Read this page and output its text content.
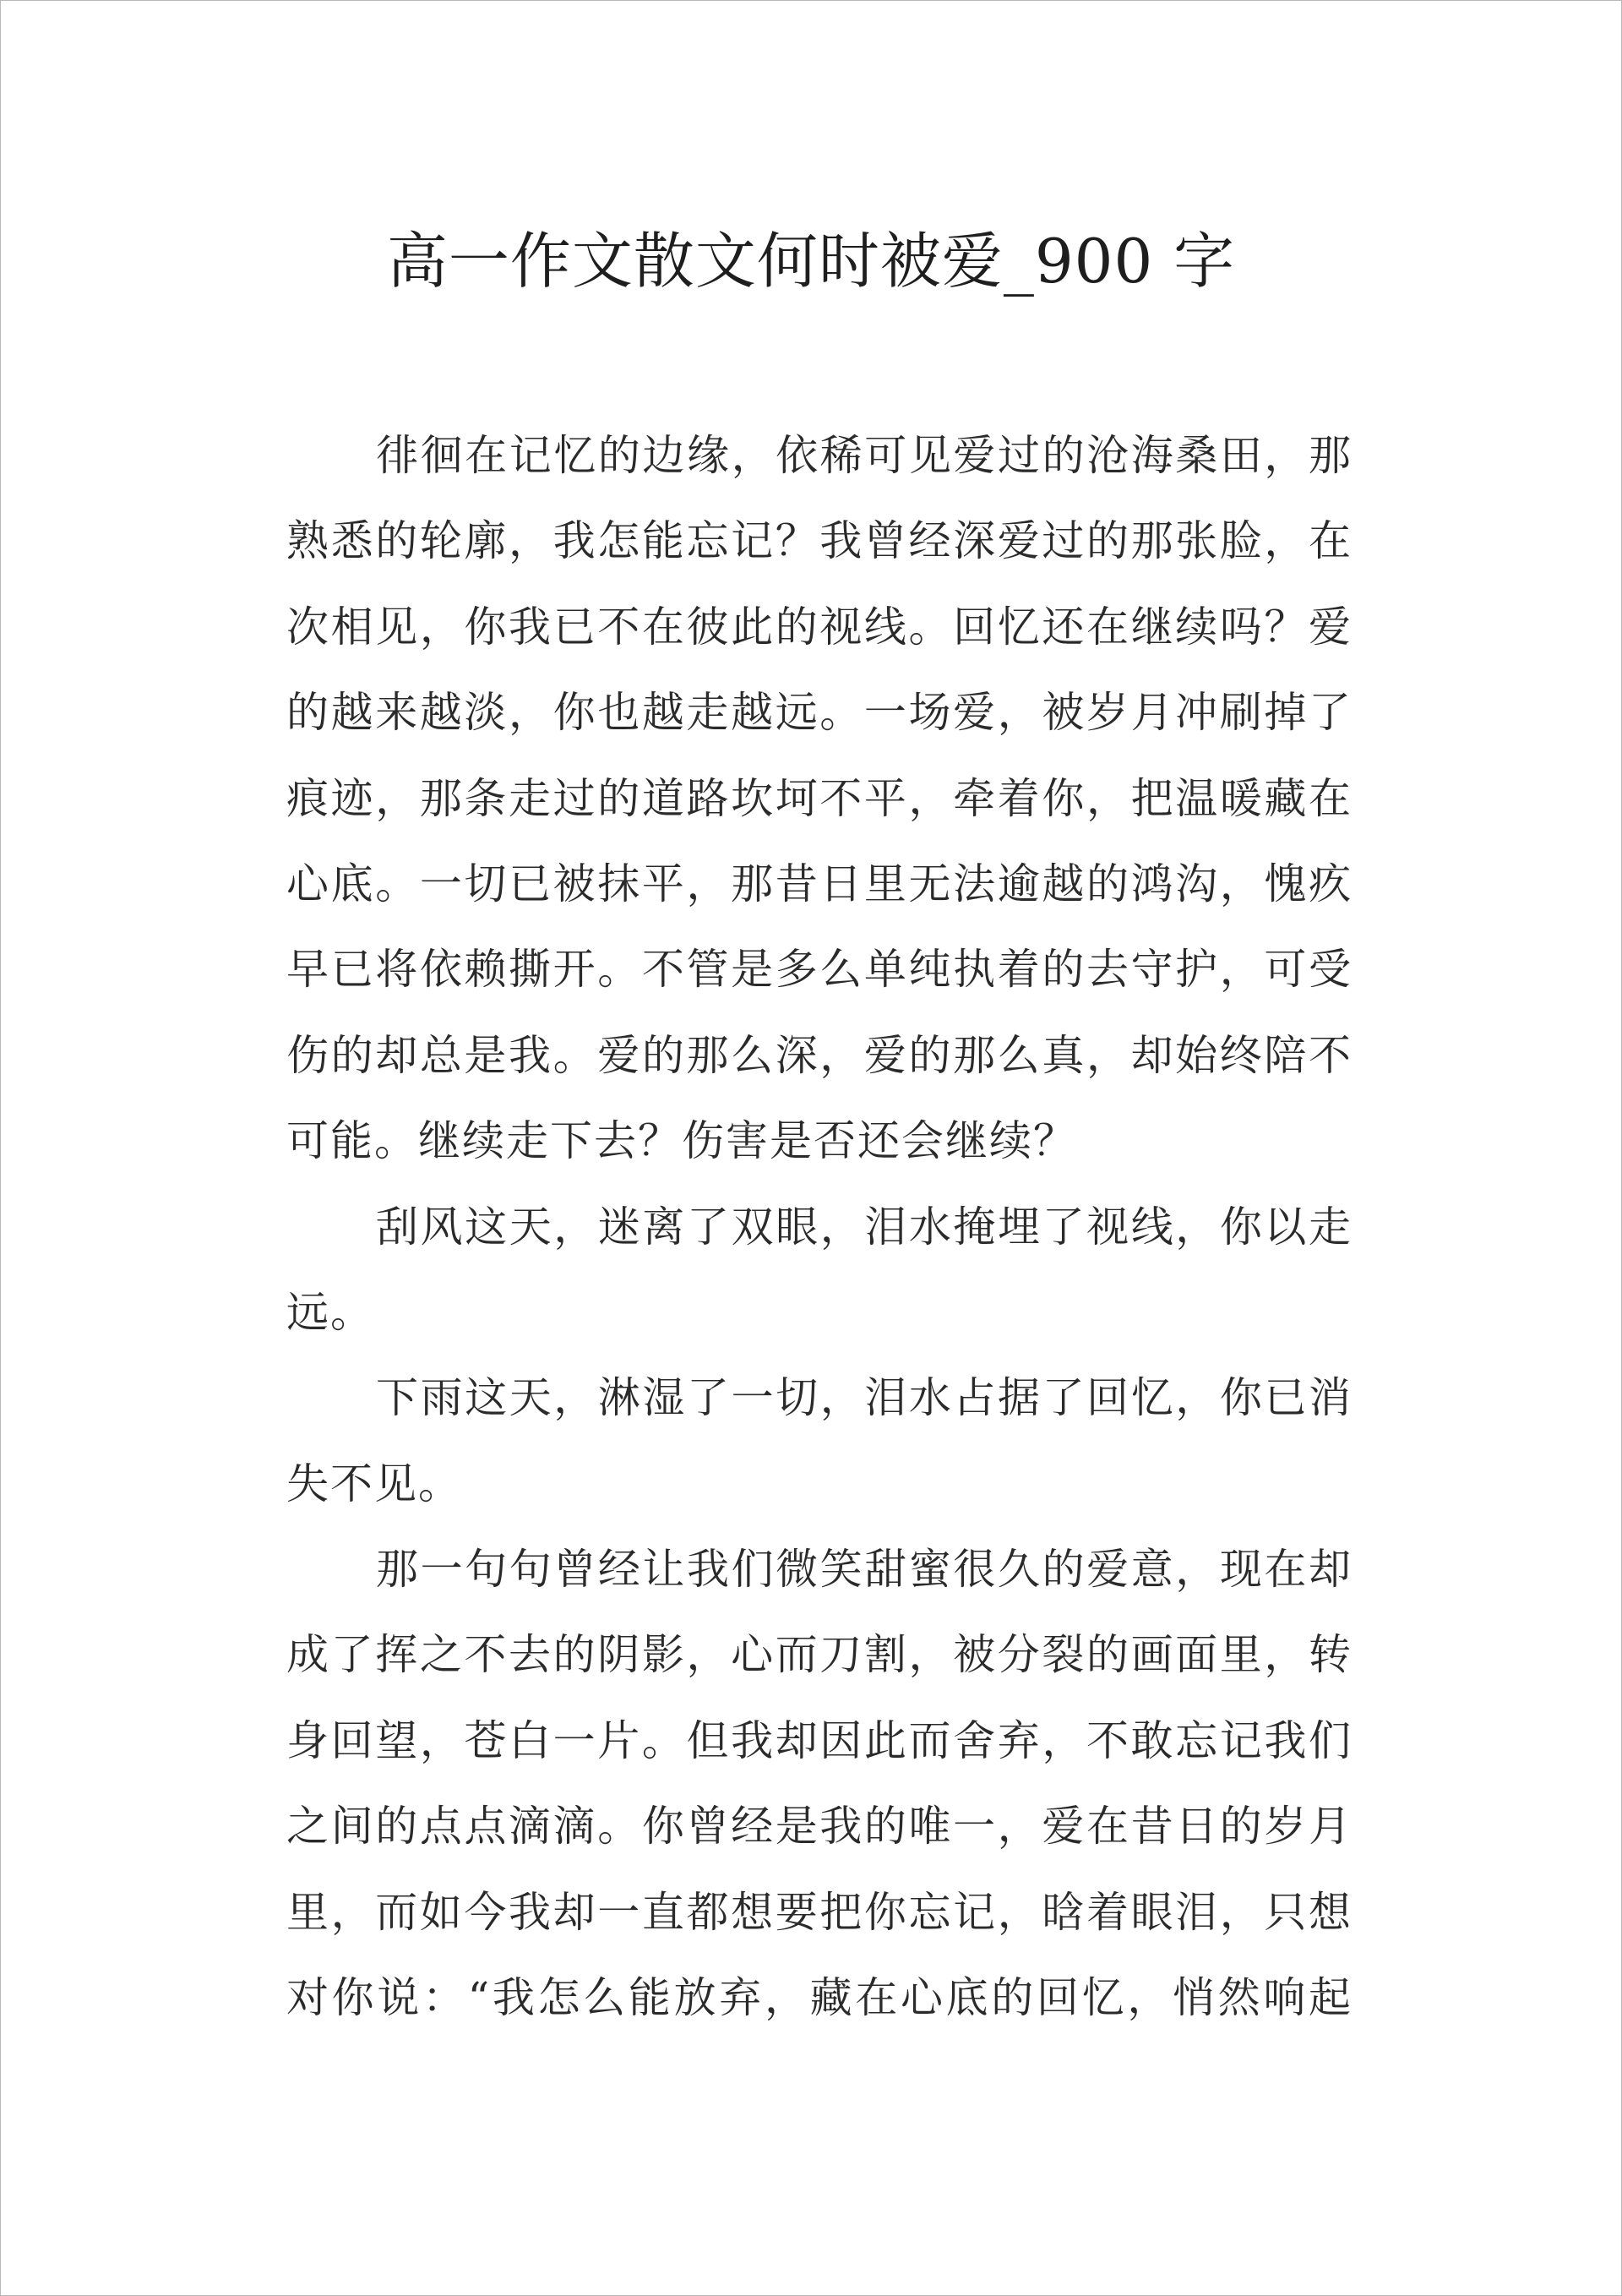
高一作文散文何时被爱_900 字
徘徊在记忆的边缘，依稀可见爱过的沧海桑田，那
熟悉的轮廓，我怎能忘记？我曾经深爱过的那张脸，在
次相见，你我已不在彼此的视线。回忆还在继续吗？爱
的越来越淡，你也越走越远。一场爱，被岁月冲刷掉了
痕迹，那条走过的道路坎坷不平，牵着你，把温暖藏在
心底。一切已被抹平，那昔日里无法逾越的鸿沟，愧疚
早已将依赖撕开。不管是多么单纯执着的去守护，可受
伤的却总是我。爱的那么深，爱的那么真，却始终陪不
可能。继续走下去？伤害是否还会继续？
刮风这天，迷离了双眼，泪水掩埋了视线，你以走
远。
下雨这天，淋湿了一切，泪水占据了回忆，你已消
失不见。
那一句句曾经让我们微笑甜蜜很久的爱意，现在却
成了挥之不去的阴影，心而刀割，被分裂的画面里，转
身回望，苍白一片。但我却因此而舍弃，不敢忘记我们
之间的点点滴滴。你曾经是我的唯一，爱在昔日的岁月
里，而如今我却一直都想要把你忘记，晗着眼泪，只想
对你说：“我怎么能放弃，藏在心底的回忆，悄然响起
